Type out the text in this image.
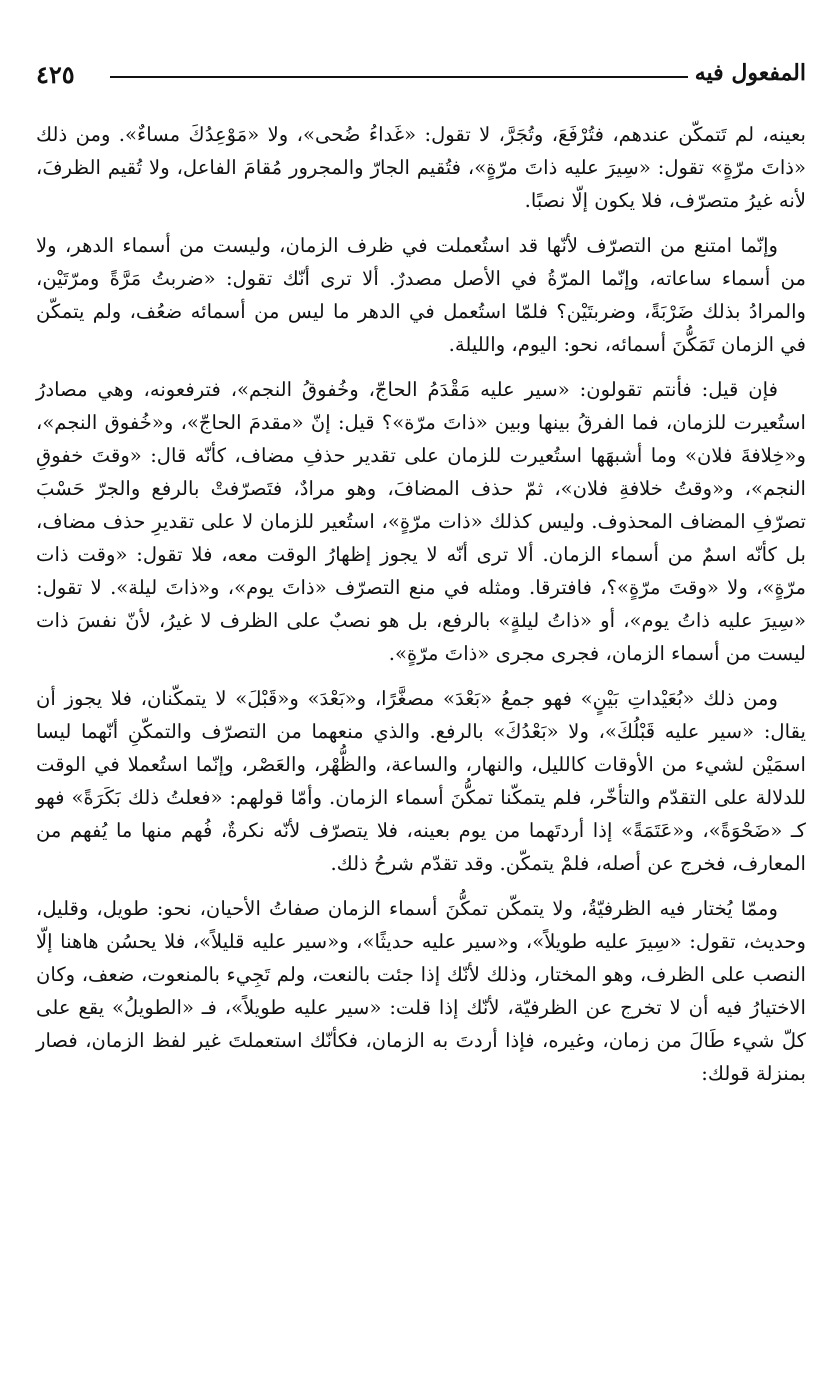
٤٢٥	المفعول فيه

بعينه، لم تَتمكّن عندهم، فتُرْفَعَ، وتُجَرَّ، لا تقول: «غَداءُ ضُحى»، ولا «مَوْعِدُكَ مساءٌ». ومن ذلك «ذاتَ مرّةٍ» تقول: «سِيرَ عليه ذاتَ مرّةٍ»، فتُقيم الجارّ والمجرور مُقامَ الفاعل، ولا تُقيم الظرفَ، لأنه غيرُ متصرّف، فلا يكون إلّا نصبًا.

وإنّما امتنع من التصرّف لأنّها قد استُعملت في ظرف الزمان، وليست من أسماء الدهر، ولا من أسماء ساعاته، وإنّما المرّةُ في الأصل مصدرٌ. ألا ترى أنّك تقول: «ضربتُ مَرَّةً ومرّتَيْن، والمرادُ بذلك ضَرْبَةً، وضربتَيْن؟ فلمّا استُعمل في الدهر ما ليس من أسمائه ضعُف، ولم يتمكّن في الزمان تَمَكُّنَ أسمائه، نحو: اليوم، والليلة.

فإن قيل: فأنتم تقولون: «سير عليه مَقْدَمُ الحاجّ، وخُفوقُ النجم»، فترفعونه، وهي مصادرُ استُعيرت للزمان، فما الفرقُ بينها وبين «ذاتَ مرّة»؟ قيل: إنّ «مقدمَ الحاجّ»، و«خُفوق النجم»، و«خِلافةَ فلان» وما أشبهَها استُعيرت للزمان على تقدير حذفِ مضاف، كأنّه قال: «وقتَ خفوقِ النجم»، و«وقتُ خلافةِ فلان»، ثمّ حذف المضافَ، وهو مرادٌ، فتَصرّفتْ بالرفع والجرّ حَسْبَ تصرّفِ المضاف المحذوف. وليس كذلك «ذات مرّةٍ»، استُعير للزمان لا على تقديرِ حذف مضاف، بل كأنّه اسمٌ من أسماء الزمان. ألا ترى أنّه لا يجوز إظهارُ الوقت معه، فلا تقول: «وقت ذات مرّةٍ»، ولا «وقتَ مرّةٍ»؟، فافترقا. ومثله في منع التصرّف «ذاتَ يوم»، و«ذاتَ ليلة». لا تقول: «سِيرَ عليه ذاتُ يوم»، أو «ذاتُ ليلةٍ» بالرفع، بل هو نصبٌ على الظرف لا غيرُ، لأنّ نفسَ ذات ليست من أسماء الزمان، فجرى مجرى «ذاتَ مرّةٍ».

ومن ذلك «بُعَيْداتِ بَيْنٍ» فهو جمعُ «بَعْدَ» مصغَّرًا، و«بَعْدَ» و«قَبْلَ» لا يتمكّنان، فلا يجوز أن يقال: «سير عليه قَبْلُكَ»، ولا «بَعْدُكَ» بالرفع. والذي منعهما من التصرّف والتمكّنِ أنّهما ليسا اسمَيْن لشيء من الأوقات كالليل، والنهار، والساعة، والظُّهْر، والعَصْر، وإنّما استُعملا في الوقت للدلالة على التقدّم والتأخّر، فلم يتمكّنا تمكُّنَ أسماء الزمان. وأمّا قولهم: «فعلتُ ذلك بَكَرَةً» فهو كـ «ضَحْوَةً»، و«عَتَمَةً» إذا أردتَهما من يوم بعينه، فلا يتصرّف لأنّه نكرةٌ، فُهم منها ما يُفهم من المعارف، فخرج عن أصله، فلمْ يتمكّن. وقد تقدّم شرحُ ذلك.

وممّا يُختار فيه الظرفيّةُ، ولا يتمكّن تمكُّنَ أسماء الزمان صفاتُ الأحيان، نحو: طويل، وقليل، وحديث، تقول: «سِيرَ عليه طويلاً»، و«سير عليه حديثًا»، و«سير عليه قليلاً»، فلا يحسُن هاهنا إلّا النصب على الظرف، وهو المختار، وذلك لأنّك إذا جئت بالنعت، ولم تَجِيء بالمنعوت، ضعف، وكان الاختيارُ فيه أن لا تخرج عن الظرفيّة، لأنّك إذا قلت: «سير عليه طويلاً»، فـ «الطويلُ» يقع على كلّ شيء طَالَ من زمان، وغيره، فإذا أردتَ به الزمان، فكأنّك استعملتَ غير لفظ الزمان، فصار بمنزلة قولك:
